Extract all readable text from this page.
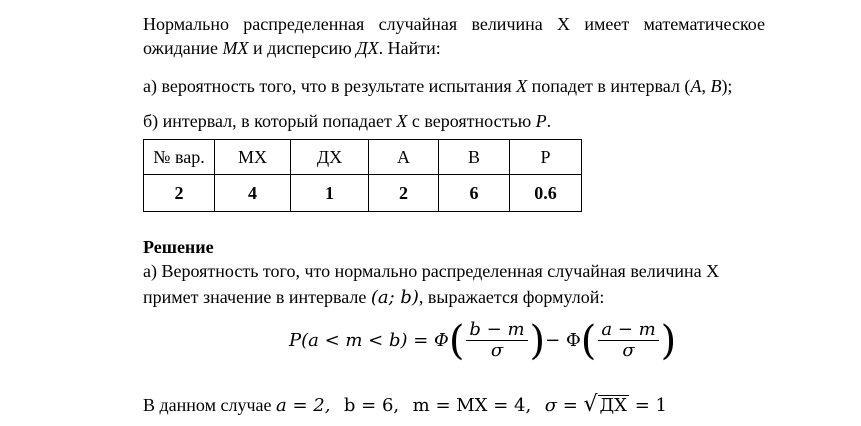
Нормально распределенная случайная величина X имеет математическое
ожидание MX и дисперсию ДX. Найти:
а) вероятность того, что в результате испытания X попадет в интервал (A, B);
б) интервал, в который попадает X с вероятностью P.
№ вар.	MX	ДX	A	B	P
2	4	1	2	6	0.6
Решение
а) Вероятность того, что нормально распределенная случайная величина X
примет значение в интервале (a; b), выражается формулой:
P(a < m < b) = Φ ( $\frac{b - m}{\sigma}$ ) − Φ ( $\frac{a - m}{\sigma}$ )
В данном случае a = 2, b = 6, m = MX = 4, σ = √ ДX = 1
